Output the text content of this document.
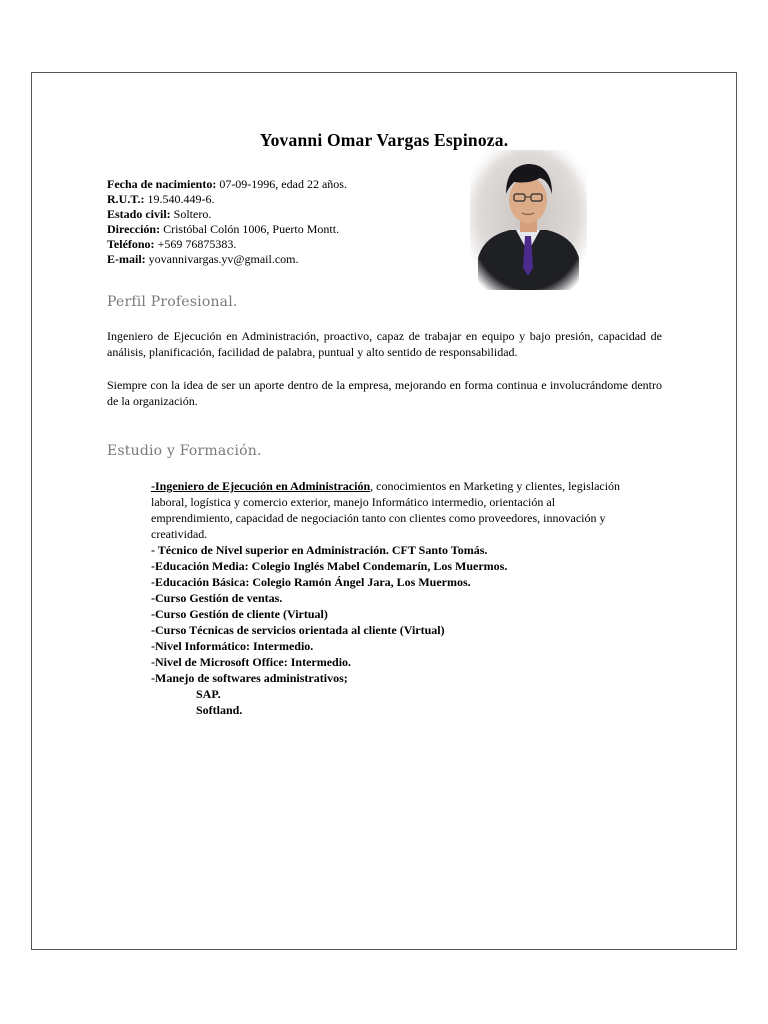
Yovanni Omar Vargas Espinoza.
Fecha de nacimiento: 07-09-1996, edad 22 años.
R.U.T.: 19.540.449-6.
Estado civil: Soltero.
Dirección: Cristóbal Colón 1006, Puerto Montt.
Teléfono: +569 76875383.
E-mail: yovannivargas.yv@gmail.com.
Perfil Profesional.
Ingeniero de Ejecución en Administración, proactivo, capaz de trabajar en equipo y bajo presión, capacidad de análisis, planificación, facilidad de palabra, puntual y alto sentido de responsabilidad.
Siempre con la idea de ser un aporte dentro de la empresa, mejorando en forma continua e involucrándome dentro de la organización.
Estudio y Formación.
-Ingeniero de Ejecución en Administración, conocimientos en Marketing y clientes, legislación laboral, logística y comercio exterior, manejo Informático intermedio, orientación al emprendimiento, capacidad de negociación tanto con clientes como proveedores, innovación y creatividad.
- Técnico de Nivel superior en Administración. CFT Santo Tomás.
-Educación Media: Colegio Inglés Mabel Condemarín, Los Muermos.
-Educación Básica: Colegio Ramón Ángel Jara, Los Muermos.
-Curso Gestión de ventas.
-Curso Gestión de cliente (Virtual)
-Curso Técnicas de servicios orientada al cliente (Virtual)
-Nivel Informático: Intermedio.
-Nivel de Microsoft Office: Intermedio.
-Manejo de softwares administrativos;
SAP.
Softland.
